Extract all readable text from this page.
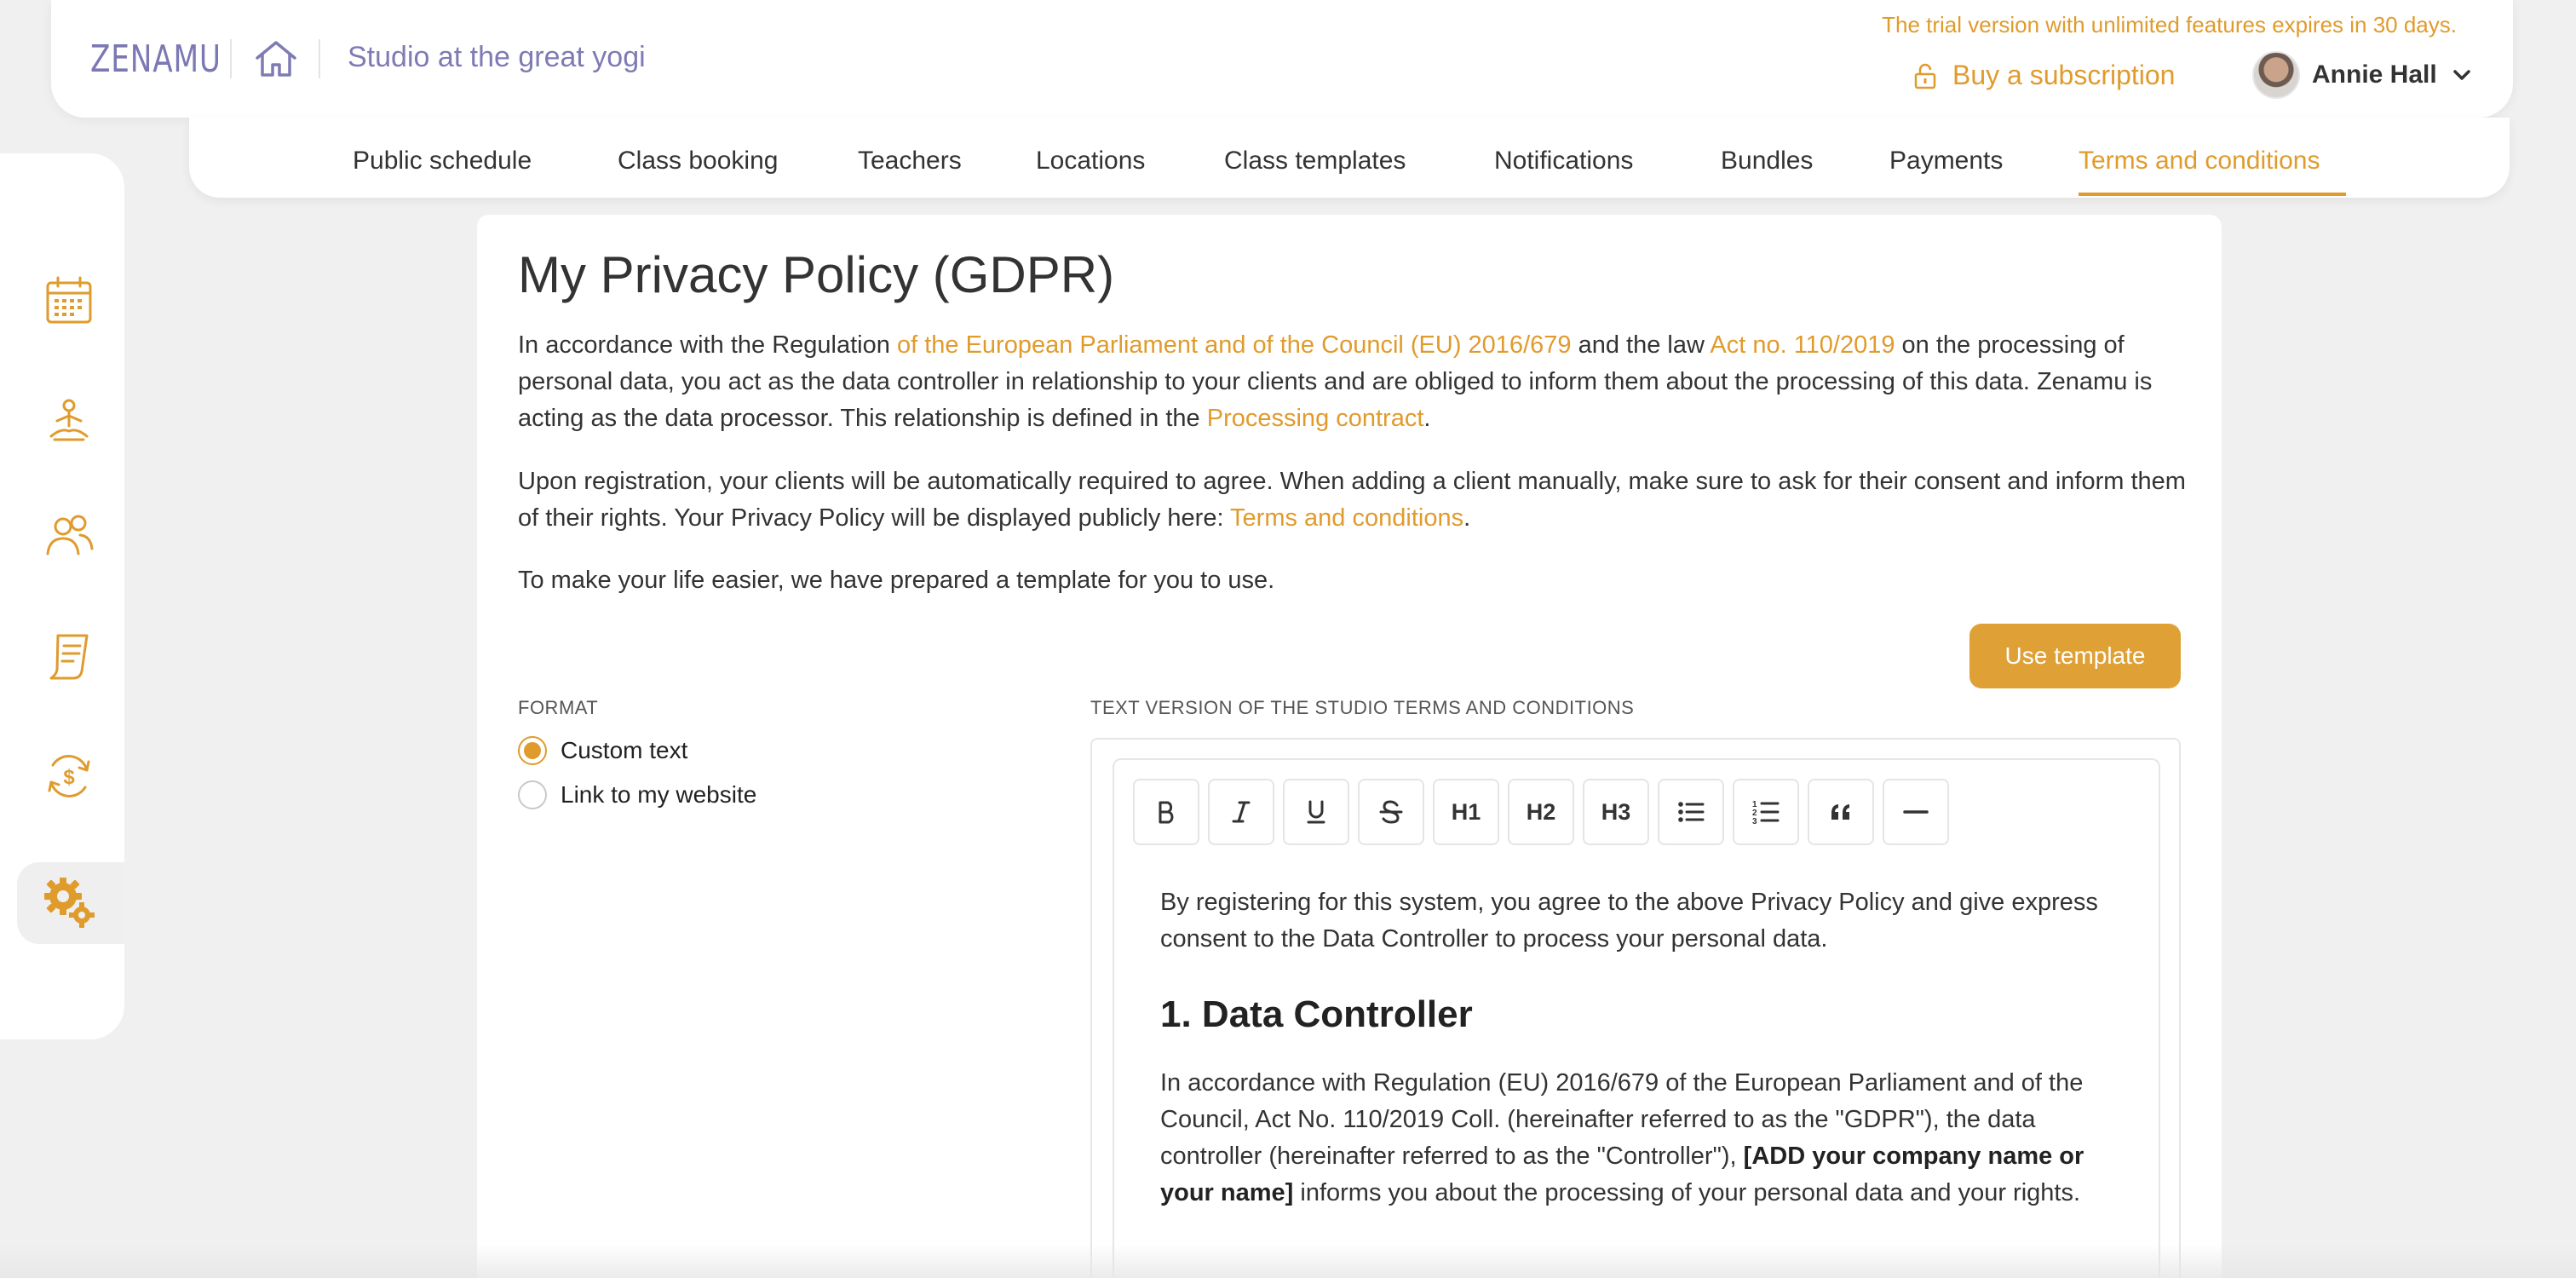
ZENAMU	Studio at the great yogi
The trial version with unlimited features expires in 30 days.
Buy a subscription	Annie Hall
Public schedule	Class booking	Teachers	Locations	Class templates	Notifications	Bundles	Payments	Terms and conditions
$
My Privacy Policy (GDPR)

In accordance with the Regulation of the European Parliament and of the Council (EU) 2016/679 and the law Act no. 110/2019 on the processing of personal data, you act as the data controller in relationship to your clients and are obliged to inform them about the processing of this data. Zenamu is acting as the data processor. This relationship is defined in the Processing contract.

Upon registration, your clients will be automatically required to agree. When adding a client manually, make sure to ask for their consent and inform them of their rights. Your Privacy Policy will be displayed publicly here: Terms and conditions.

To make your life easier, we have prepared a template for you to use.

Use template
FORMAT
Custom text
Link to my website
TEXT VERSION OF THE STUDIO TERMS AND CONDITIONS
H1 H2 H3	1
2
3

By registering for this system, you agree to the above Privacy Policy and give express consent to the Data Controller to process your personal data.

1. Data Controller

In accordance with Regulation (EU) 2016/679 of the European Parliament and of the Council, Act No. 110/2019 Coll. (hereinafter referred to as the "GDPR"), the data controller (hereinafter referred to as the "Controller"), [ADD your company name or your name] informs you about the processing of your personal data and your rights.
